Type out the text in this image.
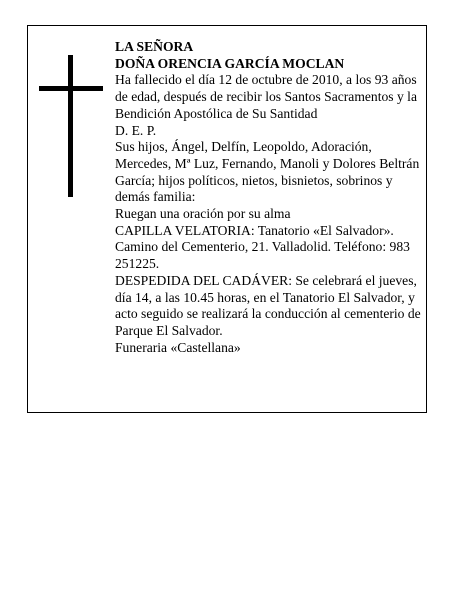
LA SEÑORA

DOÑA ORENCIA GARCÍA MOCLAN

Ha fallecido el día 12 de octubre de 2010, a los 93 años de edad, después de recibir los Santos Sacramentos y la Bendición Apostólica de Su Santidad

D. E. P.

Sus hijos, Ángel, Delfín, Leopoldo, Adoración, Mercedes, Mª Luz, Fernando, Manoli y Dolores Beltrán García; hijos políticos, nietos, bisnietos, sobrinos y demás familia:

Ruegan una oración por su alma

CAPILLA VELATORIA: Tanatorio «El Salvador». Camino del Cementerio, 21. Valladolid. Teléfono: 983 251225.

DESPEDIDA DEL CADÁVER: Se celebrará el jueves, día 14, a las 10.45 horas, en el Tanatorio El Salvador, y acto seguido se realizará la conducción al cementerio de Parque El Salvador.

Funeraria «Castellana»
